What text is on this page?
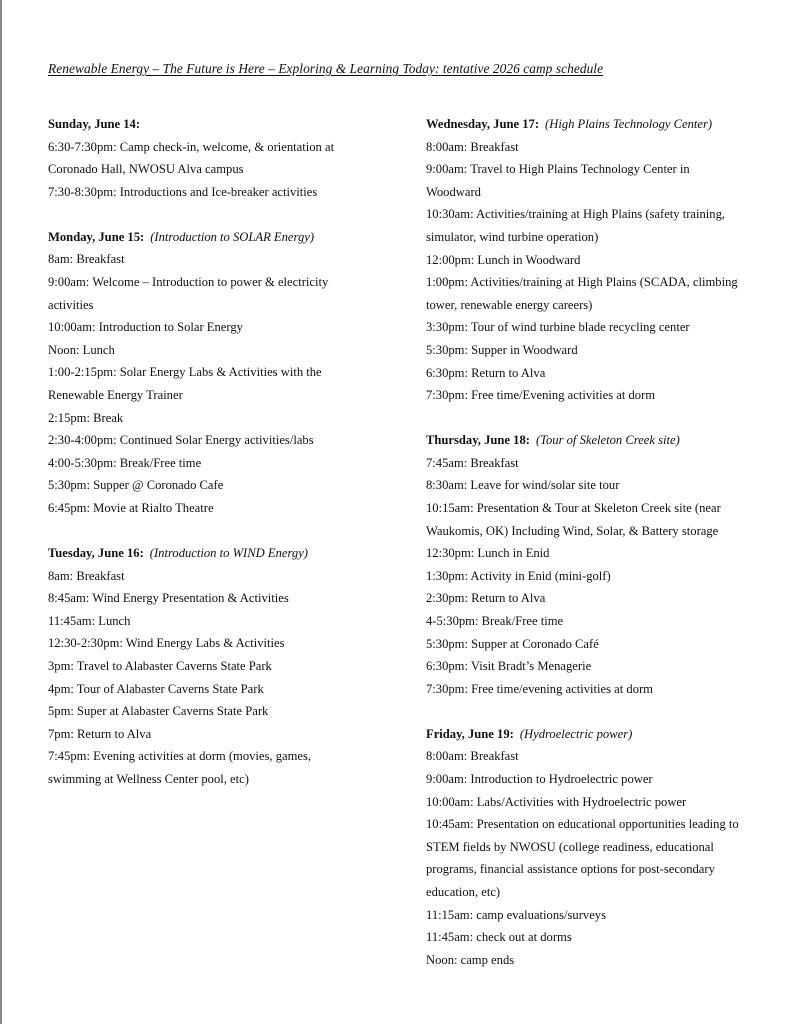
Renewable Energy – The Future is Here – Exploring & Learning Today: tentative 2026 camp schedule
Sunday, June 14:
6:30-7:30pm: Camp check-in, welcome, & orientation at
Coronado Hall, NWOSU Alva campus
7:30-8:30pm: Introductions and Ice-breaker activities
Monday, June 15: (Introduction to SOLAR Energy)
8am: Breakfast
9:00am: Welcome – Introduction to power & electricity
activities
10:00am: Introduction to Solar Energy
Noon: Lunch
1:00-2:15pm: Solar Energy Labs & Activities with the
Renewable Energy Trainer
2:15pm: Break
2:30-4:00pm: Continued Solar Energy activities/labs
4:00-5:30pm: Break/Free time
5:30pm: Supper @ Coronado Cafe
6:45pm: Movie at Rialto Theatre
Tuesday, June 16: (Introduction to WIND Energy)
8am: Breakfast
8:45am: Wind Energy Presentation & Activities
11:45am: Lunch
12:30-2:30pm: Wind Energy Labs & Activities
3pm: Travel to Alabaster Caverns State Park
4pm: Tour of Alabaster Caverns State Park
5pm: Super at Alabaster Caverns State Park
7pm: Return to Alva
7:45pm: Evening activities at dorm (movies, games,
swimming at Wellness Center pool, etc)
Wednesday, June 17: (High Plains Technology Center)
8:00am: Breakfast
9:00am: Travel to High Plains Technology Center in
Woodward
10:30am: Activities/training at High Plains (safety training,
simulator, wind turbine operation)
12:00pm: Lunch in Woodward
1:00pm: Activities/training at High Plains (SCADA, climbing
tower, renewable energy careers)
3:30pm: Tour of wind turbine blade recycling center
5:30pm: Supper in Woodward
6:30pm: Return to Alva
7:30pm: Free time/Evening activities at dorm
Thursday, June 18: (Tour of Skeleton Creek site)
7:45am: Breakfast
8:30am: Leave for wind/solar site tour
10:15am: Presentation & Tour at Skeleton Creek site (near
Waukomis, OK) Including Wind, Solar, & Battery storage
12:30pm: Lunch in Enid
1:30pm: Activity in Enid (mini-golf)
2:30pm: Return to Alva
4-5:30pm: Break/Free time
5:30pm: Supper at Coronado Café
6:30pm: Visit Bradt’s Menagerie
7:30pm: Free time/evening activities at dorm
Friday, June 19: (Hydroelectric power)
8:00am: Breakfast
9:00am: Introduction to Hydroelectric power
10:00am: Labs/Activities with Hydroelectric power
10:45am: Presentation on educational opportunities leading to
STEM fields by NWOSU (college readiness, educational
programs, financial assistance options for post-secondary
education, etc)
11:15am: camp evaluations/surveys
11:45am: check out at dorms
Noon: camp ends
